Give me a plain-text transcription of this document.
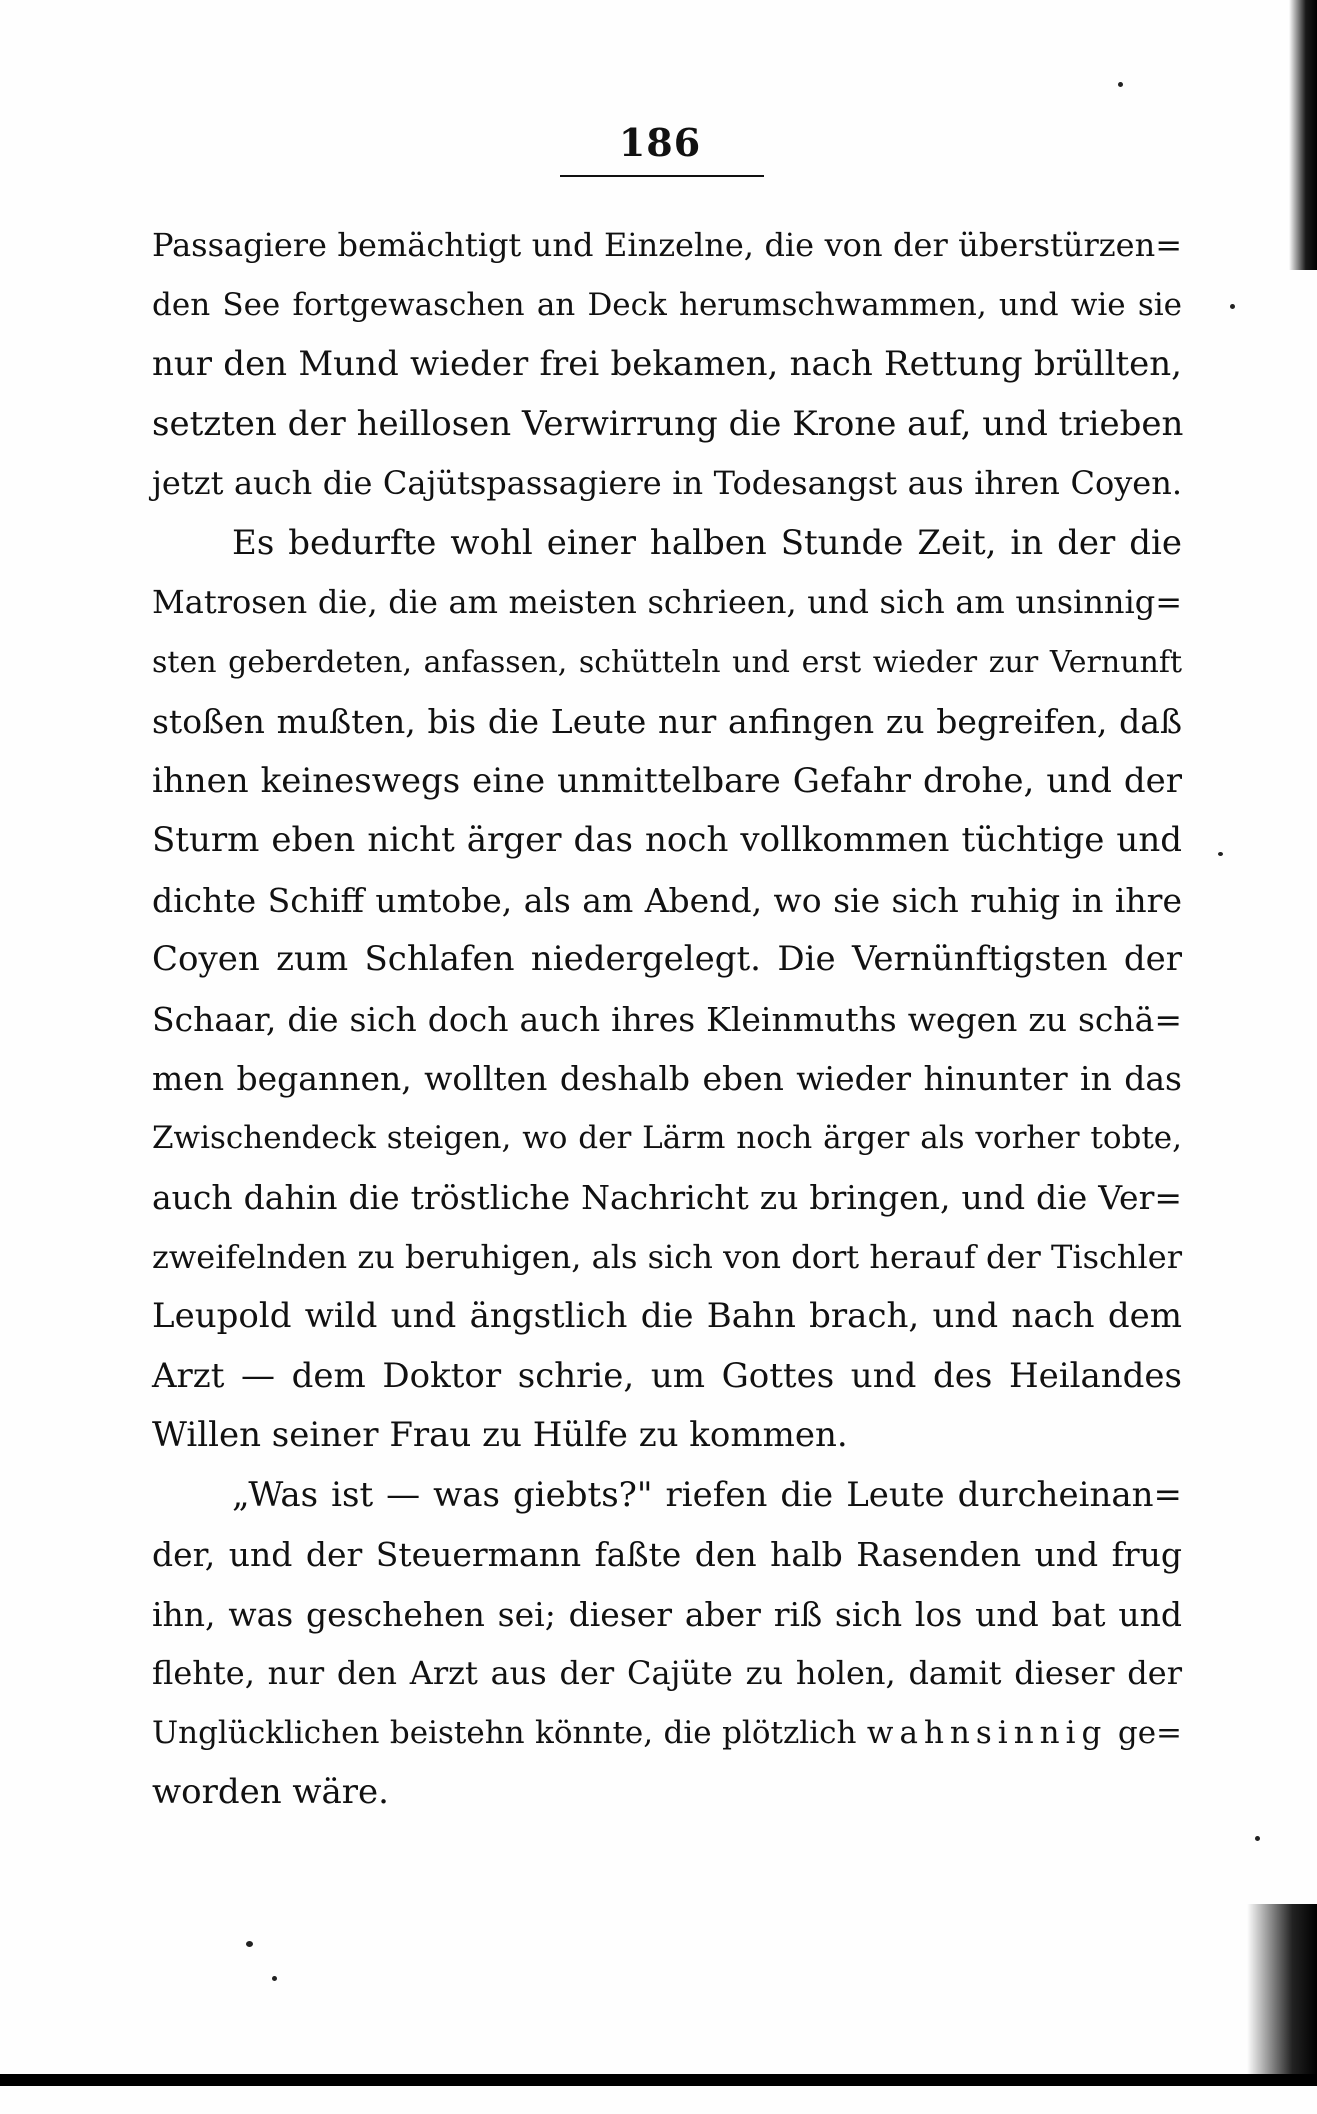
186
Passagiere bemächtigt und Einzelne, die von der überstürzen=
den See fortgewaschen an Deck herumschwammen, und wie sie
nur den Mund wieder frei bekamen, nach Rettung brüllten,
setzten der heillosen Verwirrung die Krone auf, und trieben
jetzt auch die Cajütspassagiere in Todesangst aus ihren Coyen.
Es bedurfte wohl einer halben Stunde Zeit, in der die
Matrosen die, die am meisten schrieen, und sich am unsinnig=
sten geberdeten, anfassen, schütteln und erst wieder zur Vernunft
stoßen mußten, bis die Leute nur anfingen zu begreifen, daß
ihnen keineswegs eine unmittelbare Gefahr drohe, und der
Sturm eben nicht ärger das noch vollkommen tüchtige und
dichte Schiff umtobe, als am Abend, wo sie sich ruhig in ihre
Coyen zum Schlafen niedergelegt. Die Vernünftigsten der
Schaar, die sich doch auch ihres Kleinmuths wegen zu schä=
men begannen, wollten deshalb eben wieder hinunter in das
Zwischendeck steigen, wo der Lärm noch ärger als vorher tobte,
auch dahin die tröstliche Nachricht zu bringen, und die Ver=
zweifelnden zu beruhigen, als sich von dort herauf der Tischler
Leupold wild und ängstlich die Bahn brach, und nach dem
Arzt — dem Doktor schrie, um Gottes und des Heilandes
Willen seiner Frau zu Hülfe zu kommen.
„Was ist — was giebts?" riefen die Leute durcheinan=
der, und der Steuermann faßte den halb Rasenden und frug
ihn, was geschehen sei; dieser aber riß sich los und bat und
flehte, nur den Arzt aus der Cajüte zu holen, damit dieser der
Unglücklichen beistehn könnte, die plötzlich wahnsinnig ge=
worden wäre.
